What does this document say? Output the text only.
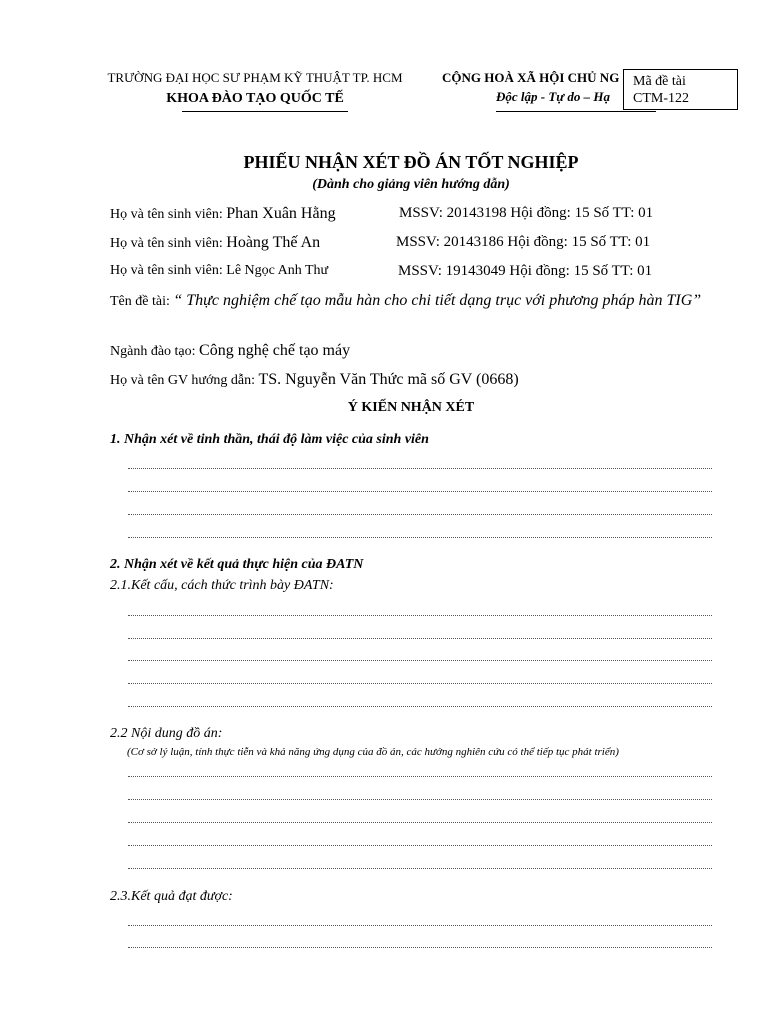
TRƯỜNG ĐẠI HỌC SƯ PHẠM KỸ THUẬT TP. HCM
KHOA ĐÀO TẠO QUỐC TẾ
CỘNG HOÀ XÃ HỘI CHỦ NG
Độc lập - Tự do – Hạ
Mã đề tài
CTM-122
PHIẾU NHẬN XÉT ĐỒ ÁN TỐT NGHIỆP
(Dành cho giảng viên hướng dẫn)
Họ và tên sinh viên: Phan Xuân Hằng	MSSV: 20143198 Hội đồng: 15 Số TT: 01
Họ và tên sinh viên: Hoàng Thế An	MSSV: 20143186 Hội đồng: 15 Số TT: 01
Họ và tên sinh viên: Lê Ngọc Anh Thư	MSSV: 19143049 Hội đồng: 15 Số TT: 01
Tên đề tài: “ Thực nghiệm chế tạo mẫu hàn cho chi tiết dạng trục với phương pháp hàn TIG”
Ngành đào tạo: Công nghệ chế tạo máy
Họ và tên GV hướng dẫn: TS. Nguyễn Văn Thức mã số GV (0668)
Ý KIẾN NHẬN XÉT
1. Nhận xét về tinh thần, thái độ làm việc của sinh viên
2. Nhận xét về kết quả thực hiện của ĐATN
2.1.Kết cấu, cách thức trình bày ĐATN:
2.2 Nội dung đồ án:
(Cơ sở lý luận, tính thực tiễn và khả năng ứng dụng của đồ án, các hướng nghiên cứu có thể tiếp tục phát triển)
2.3.Kết quả đạt được:
